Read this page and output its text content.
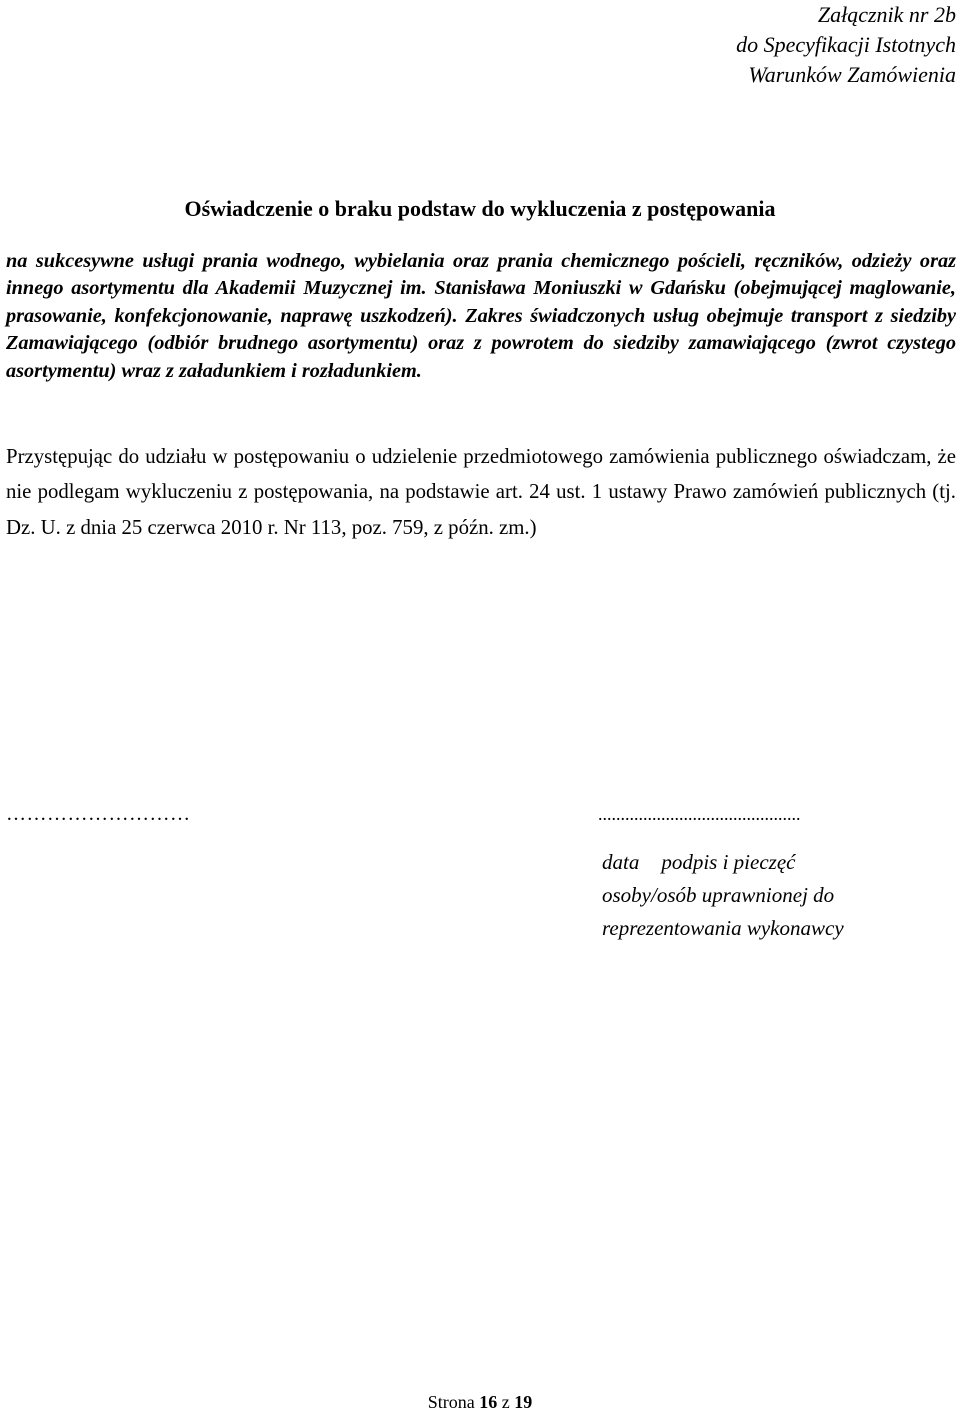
Załącznik nr 2b
do Specyfikacji Istotnych
Warunków Zamówienia
Oświadczenie o braku podstaw do wykluczenia z postępowania
na sukcesywne usługi prania wodnego, wybielania oraz prania chemicznego pościeli, ręczników, odzieży oraz innego asortymentu dla Akademii Muzycznej im. Stanisława Moniuszki w Gdańsku (obejmującej maglowanie, prasowanie, konfekcjonowanie, naprawę uszkodzeń). Zakres świadczonych usług obejmuje transport z siedziby Zamawiającego (odbiór brudnego asortymentu) oraz z powrotem do siedziby zamawiającego (zwrot czystego asortymentu) wraz z załadunkiem i rozładunkiem.
Przystępując do udziału w postępowaniu o udzielenie przedmiotowego zamówienia publicznego oświadczam, że nie podlegam wykluczeniu z postępowania, na podstawie art. 24 ust. 1 ustawy Prawo zamówień publicznych (tj. Dz. U. z dnia 25 czerwca 2010 r. Nr 113, poz. 759, z późn. zm.)
………………………	.............................................
data podpis i pieczęć
osoby/osób uprawnionej do
reprezentowania wykonawcy
Strona 16 z 19
